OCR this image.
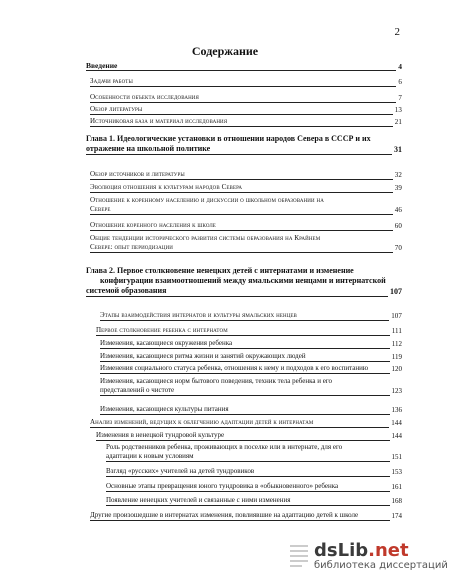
2
Содержание
Введение	4
Задачи работы	6
Особенности объекта исследования	7
Обзор литературы	13
Источниковая база и материал исследования	21
Глава 1. Идеологические установки в отношении народов Севера в СССР и их
отражение на школьной политике	31
Обзор источников и литературы	32
Эволюция отношения к культурам народов Севера	39
Отношение к коренному населению и дискуссии о школьном образовании на
Севере	46
Отношение коренного населения к школе	60
Общие тенденции исторического развития системы образования на Крайнем
Севере: опыт периодизации	70
Глава 2. Первое столкновение ненецких детей с интернатами и изменение
конфигурации взаимоотношений между ямальскими ненцами и интернатской
системой образования	107
Этапы взаимодействия интернатов и культуры ямальских ненцев	107
Первое столкновение ребенка с интернатом	111
Изменения, касающиеся окружения ребенка	112
Изменения, касающиеся ритма жизни и занятий окружающих людей	119
Изменения социального статуса ребенка, отношения к нему и подходов к его воспитанию	120
Изменения, касающиеся норм бытового поведения, техник тела ребенка и его
представлений о чистоте	123
Изменения, касающиеся культуры питания	136
Анализ изменений, ведущих к облегчению адаптации детей к интернатам	144
Изменения в ненецкой тундровой культуре	144
Роль родственников ребенка, проживающих в поселке или в интернате, для его
адаптации к новым условиям	151
Взгляд «русских» учителей на детей тундровиков	153
Основные этапы превращения юного тундровика в «обыкновенного» ребенка	161
Появление ненецких учителей и связанные с ними изменения	168
Другие произошедшие в интернатах изменения, повлиявшие на адаптацию детей к школе	174
dsLib.net
библиотека диссертаций
